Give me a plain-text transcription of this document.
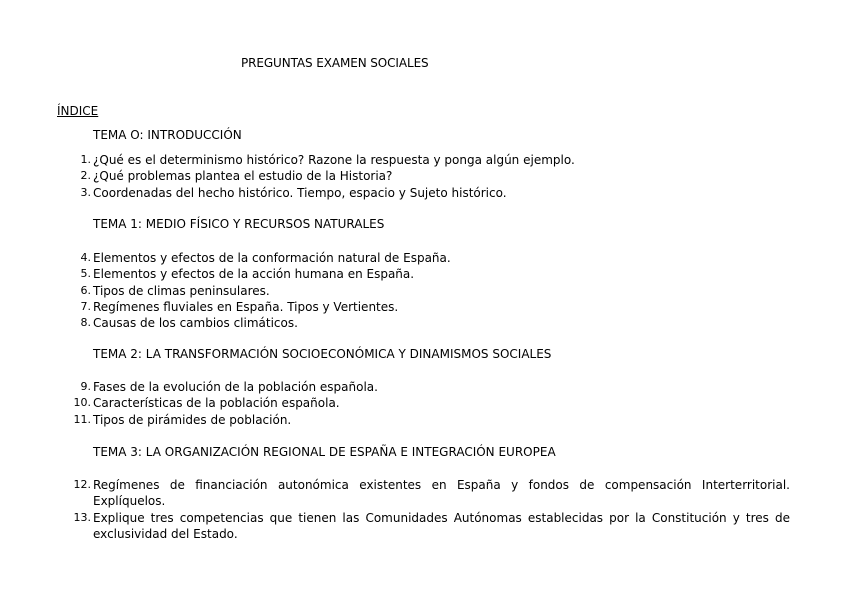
PREGUNTAS EXAMEN SOCIALES
ÍNDICE
TEMA O: INTRODUCCIÓN
1. ¿Qué es el determinismo histórico? Razone la respuesta y ponga algún ejemplo.
2. ¿Qué problemas plantea el estudio de la Historia?
3. Coordenadas del hecho histórico. Tiempo, espacio y Sujeto histórico.
TEMA 1: MEDIO FÍSICO Y RECURSOS NATURALES
4. Elementos y efectos de la conformación natural de España.
5. Elementos y efectos de la acción humana en España.
6. Tipos de climas peninsulares.
7. Regímenes fluviales en España. Tipos y Vertientes.
8. Causas de los cambios climáticos.
TEMA 2: LA TRANSFORMACIÓN SOCIOECONÓMICA Y DINAMISMOS SOCIALES
9. Fases de la evolución de la población española.
10. Características de la población española.
11. Tipos de pirámides de población.
TEMA 3: LA ORGANIZACIÓN REGIONAL DE ESPAÑA E INTEGRACIÓN EUROPEA
12. Regímenes de financiación autonómica existentes en España y fondos de compensación Interterritorial. Explíquelos.
13. Explique tres competencias que tienen las Comunidades Autónomas establecidas por la Constitución y tres de exclusividad del Estado.
